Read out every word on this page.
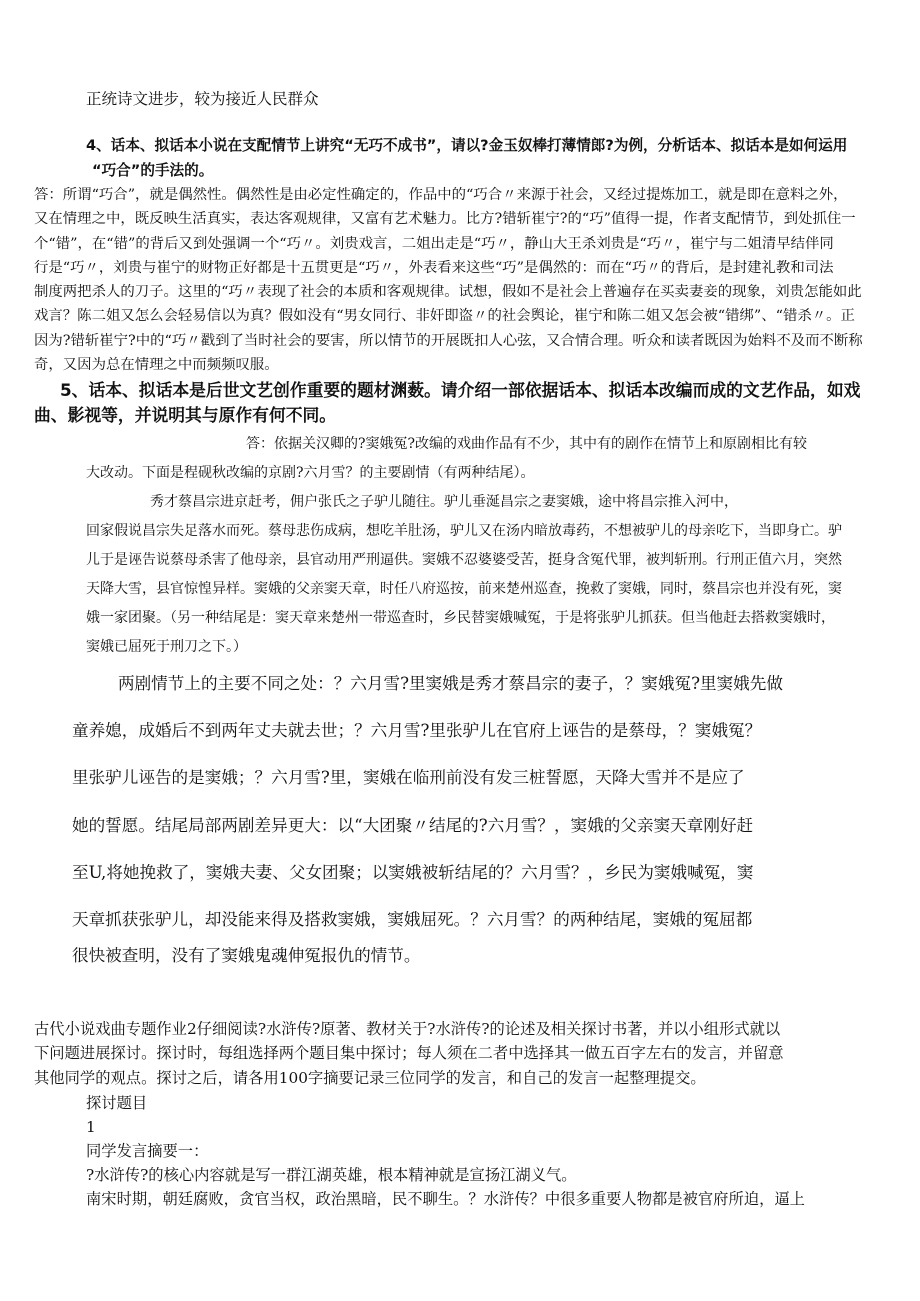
正统诗文进步，较为接近人民群众
4、话本、拟话本小说在支配情节上讲究“无巧不成书”，请以?金玉奴棒打薄情郎?为例，分析话本、拟话本是如何运用
“巧合”的手法的。
答：所谓“巧合”，就是偶然性。偶然性是由必定性确定的，作品中的“巧合〃来源于社会，又经过提炼加工，就是即在意料之外，
又在情理之中，既反映生活真实，表达客观规律，又富有艺术魅力。比方?错斩崔宁?的“巧”值得一提，作者支配情节，到处抓住一
个“错”，在“错”的背后又到处强调一个“巧〃。刘贵戏言，二姐出走是“巧〃，静山大王杀刘贵是“巧〃，崔宁与二姐清早结伴同
行是“巧〃，刘贵与崔宁的财物正好都是十五贯更是“巧〃，外表看来这些“巧”是偶然的：而在“巧〃的背后，是封建礼教和司法
制度两把杀人的刀子。这里的“巧〃表现了社会的本质和客观规律。试想，假如不是社会上普遍存在买卖妻妾的现象，刘贵怎能如此
戏言？陈二姐又怎么会轻易信以为真？假如没有“男女同行、非奸即盗〃的社会舆论，崔宁和陈二姐又怎会被“错绑”、“错杀〃。正
因为?错斩崔宁?中的“巧〃戳到了当时社会的要害，所以情节的开展既扣人心弦，又合情合理。听众和读者既因为始料不及而不断称
奇，又因为总在情理之中而频频叹服。
5、话本、拟话本是后世文艺创作重要的题材渊薮。请介绍一部依据话本、拟话本改编而成的文艺作品，如戏
曲、影视等，并说明其与原作有何不同。
答：依据关汉卿的?窦娥冤?改编的戏曲作品有不少，其中有的剧作在情节上和原剧相比有较
大改动。下面是程砚秋改编的京剧?六月雪？的主要剧情（有两种结尾）。
秀才蔡昌宗进京赶考，佣户张氏之子驴儿随往。驴儿垂涎昌宗之妻窦娥，途中将昌宗推入河中，
回家假说昌宗失足落水而死。蔡母悲伤成病，想吃羊肚汤，驴儿又在汤内暗放毒药，不想被驴儿的母亲吃下，当即身亡。驴
儿于是诬告说蔡母杀害了他母亲，县官动用严刑逼供。窦娥不忍婆婆受苦，挺身含冤代罪，被判斩刑。行刑正值六月，突然
天降大雪，县官惊惶异样。窦娥的父亲窦天章，时任八府巡按，前来楚州巡查，挽救了窦娥，同时，蔡昌宗也并没有死，窦
娥一家团聚。（另一种结尾是：窦天章来楚州一带巡查时，乡民替窦娥喊冤，于是将张驴儿抓获。但当他赶去搭救窦娥时，
窦娥已屈死于刑刀之下。）
两剧情节上的主要不同之处：？六月雪?里窦娥是秀才蔡昌宗的妻子，？窦娥冤?里窦娥先做
童养媳，成婚后不到两年丈夫就去世；？六月雪?里张驴儿在官府上诬告的是蔡母，？窦娥冤？
里张驴儿诬告的是窦娥；？六月雪?里，窦娥在临刑前没有发三桩誓愿，天降大雪并不是应了
她的誓愿。结尾局部两剧差异更大：以“大团聚〃结尾的?六月雪？，窦娥的父亲窦天章刚好赶
至U,将她挽救了，窦娥夫妻、父女团聚；以窦娥被斩结尾的？六月雪？，乡民为窦娥喊冤，窦
天章抓获张驴儿，却没能来得及搭救窦娥，窦娥屈死。？六月雪？的两种结尾，窦娥的冤屈都
很快被查明，没有了窦娥鬼魂伸冤报仇的情节。
古代小说戏曲专题作业2仔细阅读?水浒传?原著、教材关于?水浒传?的论述及相关探讨书著，并以小组形式就以
下问题进展探讨。探讨时，每组选择两个题目集中探讨；每人须在二者中选择其一做五百字左右的发言，并留意
其他同学的观点。探讨之后，请各用100字摘要记录三位同学的发言，和自己的发言一起整理提交。
探讨题目
1
同学发言摘要一：
?水浒传?的核心内容就是写一群江湖英雄，根本精神就是宣扬江湖义气。
南宋时期，朝廷腐败，贪官当权，政治黑暗，民不聊生。？水浒传？中很多重要人物都是被官府所迫，逼上
